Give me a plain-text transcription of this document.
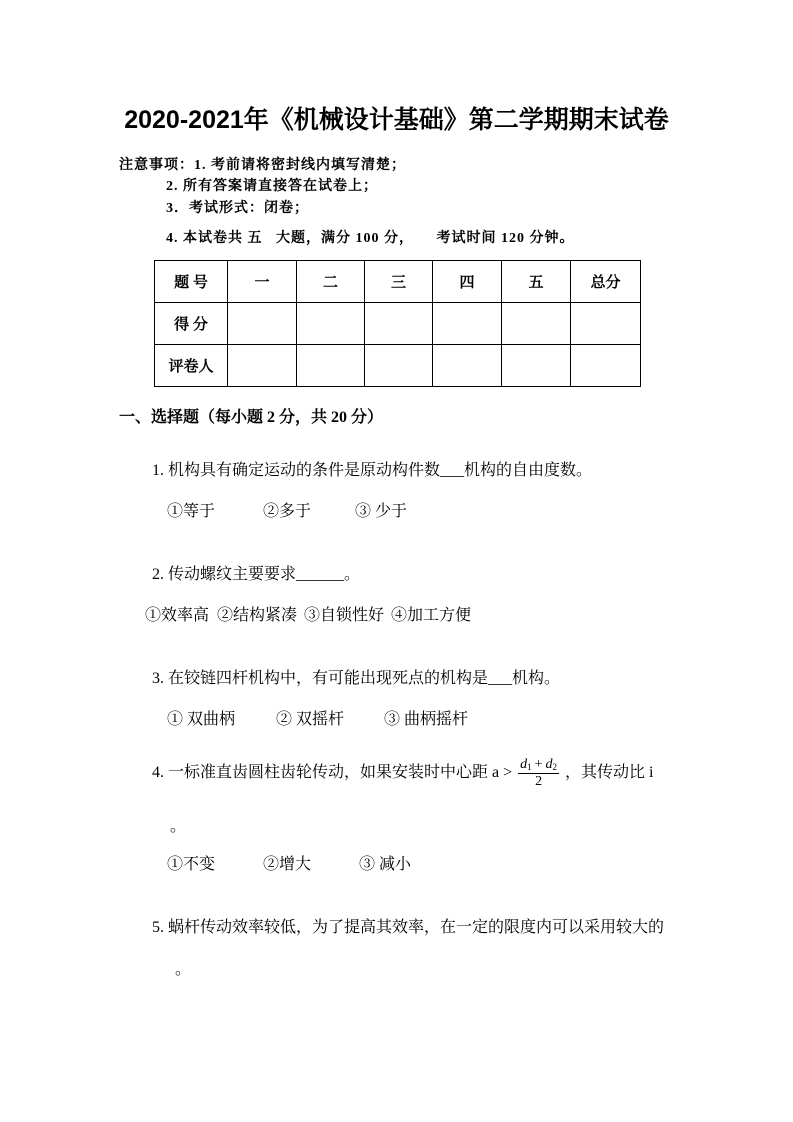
2020-2021年《机械设计基础》第二学期期末试卷
注意事项：1. 考前请将密封线内填写清楚；
2. 所有答案请直接答在试卷上；
3．考试形式：闭卷；
4. 本试卷共 五   大题，满分 100 分，     考试时间 120 分钟。
题 号	一	二	三	四	五	总分
得 分						
评卷人						
一、选择题（每小题 2 分，共 20 分）
1. 机构具有确定运动的条件是原动构件数___机构的自由度数。
①等于	②多于	③ 少于
2. 传动螺纹主要要求______。
①效率高 ②结构紧凑 ③自锁性好 ④加工方便
3. 在铰链四杆机构中，有可能出现死点的机构是___机构。
① 双曲柄	② 双摇杆 ③ 曲柄摇杆
4. 一标准直齿圆柱齿轮传动，如果安装时中心距 $a > \frac{d_1 + d_2}{2}$ ，其传动比 i
。
①不变	②增大	③ 减小
5. 蜗杆传动效率较低，为了提高其效率，在一定的限度内可以采用较大的
。
